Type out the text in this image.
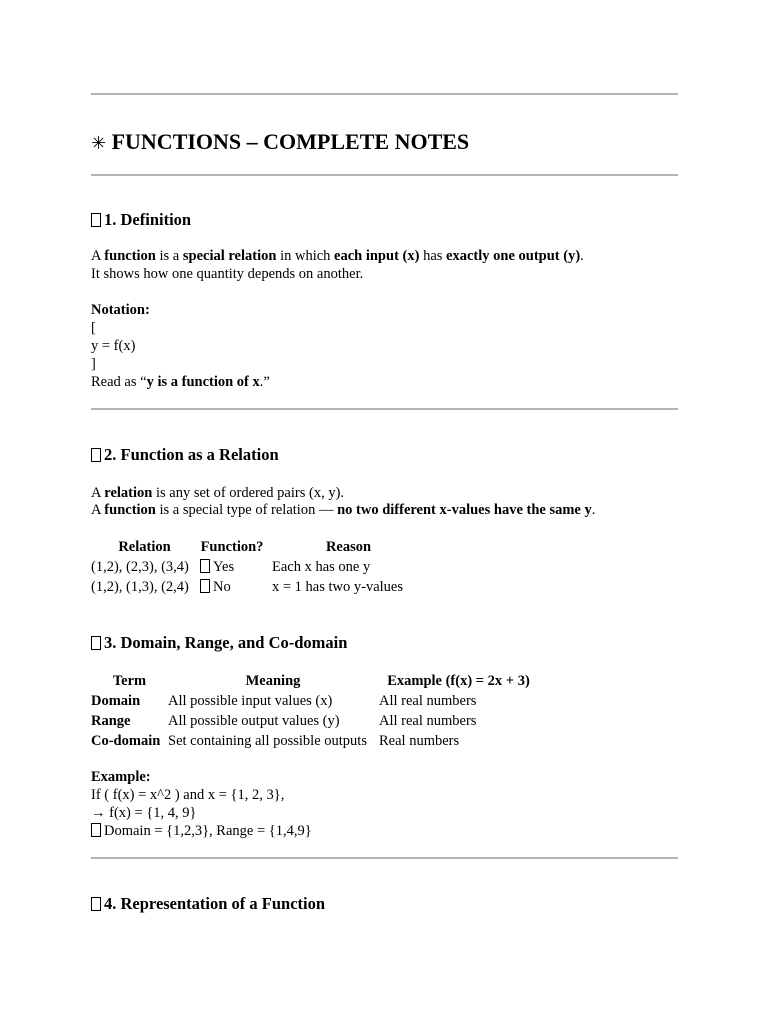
✳ FUNCTIONS – COMPLETE NOTES
1. Definition
A function is a special relation in which each input (x) has exactly one output (y).
It shows how one quantity depends on another.
Notation:
[
y = f(x)
]
Read as “y is a function of x.”
2. Function as a Relation
A relation is any set of ordered pairs (x, y).
A function is a special type of relation — no two different x-values have the same y.
Relation	Function?	Reason
(1,2), (2,3), (3,4)	Yes	Each x has one y
(1,2), (1,3), (2,4)	No	x = 1 has two y-values
3. Domain, Range, and Co-domain
Term	Meaning	Example (f(x) = 2x + 3)
Domain	All possible input values (x)	All real numbers
Range	All possible output values (y)	All real numbers
Co-domain	Set containing all possible outputs	Real numbers
Example:
If ( f(x) = x^2 ) and x = {1, 2, 3},
→ f(x) = {1, 4, 9}
Domain = {1,2,3}, Range = {1,4,9}
4. Representation of a Function
